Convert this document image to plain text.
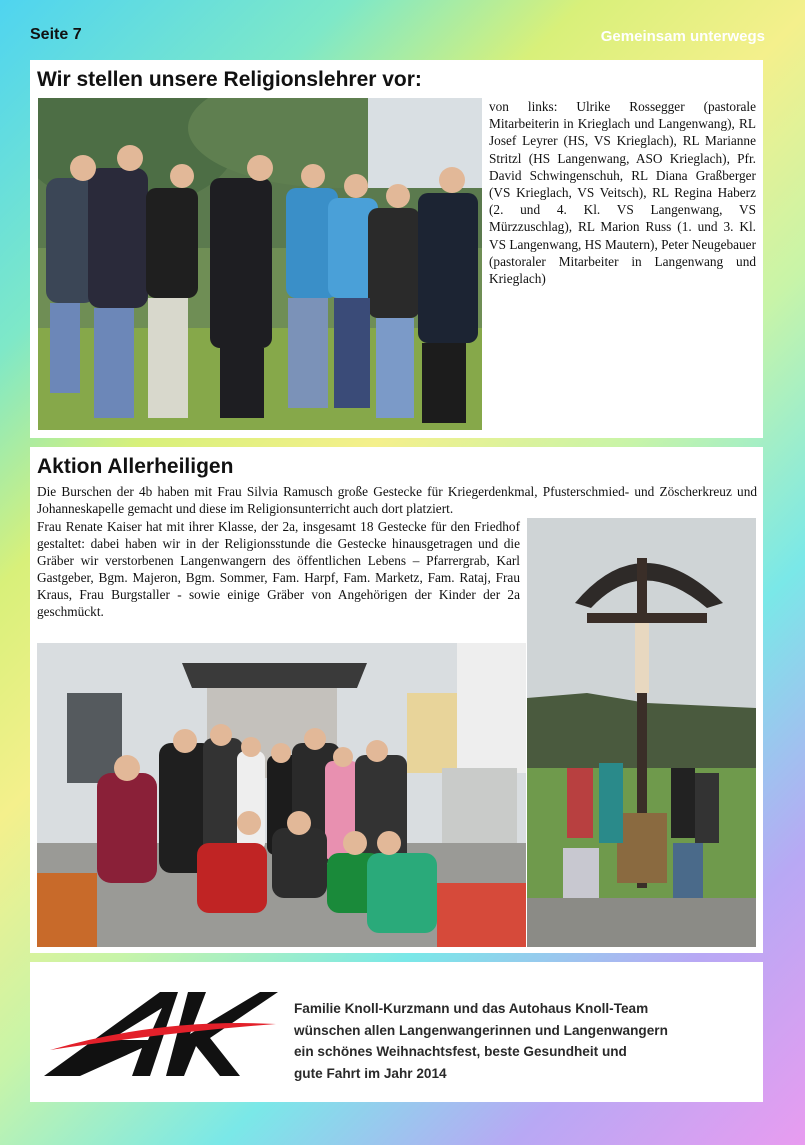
Seite 7	Gemeinsam unterwegs
Wir stellen unsere Religionslehrer vor:
von links: Ulrike Rossegger (pastorale Mitarbeiterin in Krieglach und Langenwang), RL Josef Leyrer (HS, VS Krieglach), RL Marianne Stritzl (HS Langenwang, ASO Krieglach), Pfr. David Schwingenschuh, RL Diana Graßberger (VS Krieglach, VS Veitsch), RL Regina Haberz (2. und 4. Kl. VS Langenwang, VS Mürzzuschlag), RL Marion Russ (1. und 3. Kl. VS Langenwang, HS Mautern), Peter Neugebauer (pastoraler Mitarbeiter in Langenwang und Krieglach)
Aktion Allerheiligen
Die Burschen der 4b haben mit Frau Silvia Ramusch große Gestecke für Kriegerdenkmal, Pfusterschmied- und Zöscherkreuz und Johanneskapelle gemacht und diese im Religionsunterricht auch dort platziert.
Frau Renate Kaiser hat mit ihrer Klasse, der 2a, insgesamt 18 Gestecke für den Friedhof gestaltet: dabei haben wir in der Religionsstunde die Gestecke hinausgetragen und die Gräber wir verstorbenen Langenwangern des öffentlichen Lebens – Pfarrergrab, Karl Gastgeber, Bgm. Majeron, Bgm. Sommer, Fam. Harpf, Fam. Marketz, Fam. Rataj, Frau Kraus, Frau Burgstaller - sowie einige Gräber von Angehörigen der Kinder der 2a geschmückt.
Familie Knoll-Kurzmann und das Autohaus Knoll-Team
wünschen allen Langenwangerinnen und Langenwangern
ein schönes Weihnachtsfest, beste Gesundheit und
gute Fahrt im Jahr 2014
